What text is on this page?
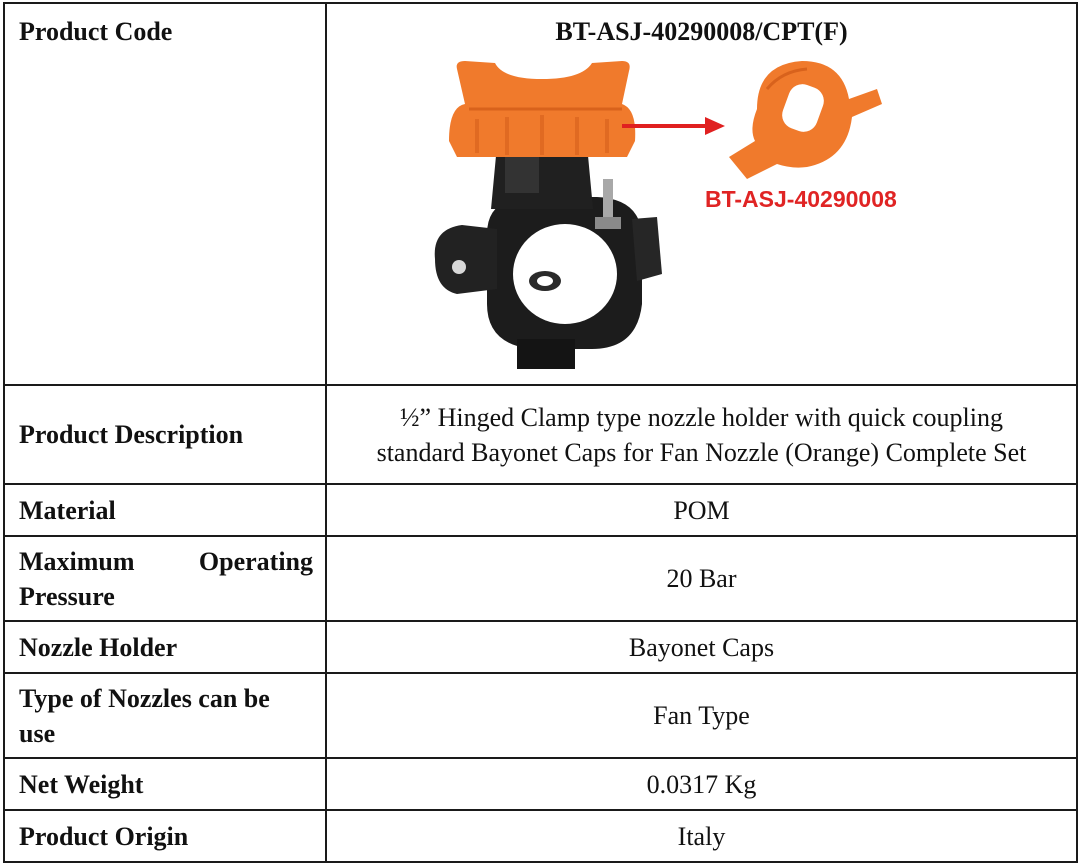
Product Code	BT-ASJ-40290008/CPT(F)
BT-ASJ-40290008

Product Description	½” Hinged Clamp type nozzle holder with quick coupling
standard Bayonet Caps for Fan Nozzle (Orange) Complete Set

Material	POM

Maximum Operating
Pressure	20 Bar
Nozzle Holder	Bayonet Caps

Type of Nozzles can be
use	Fan Type
Net Weight	0.0317 Kg
Product Origin	Italy
